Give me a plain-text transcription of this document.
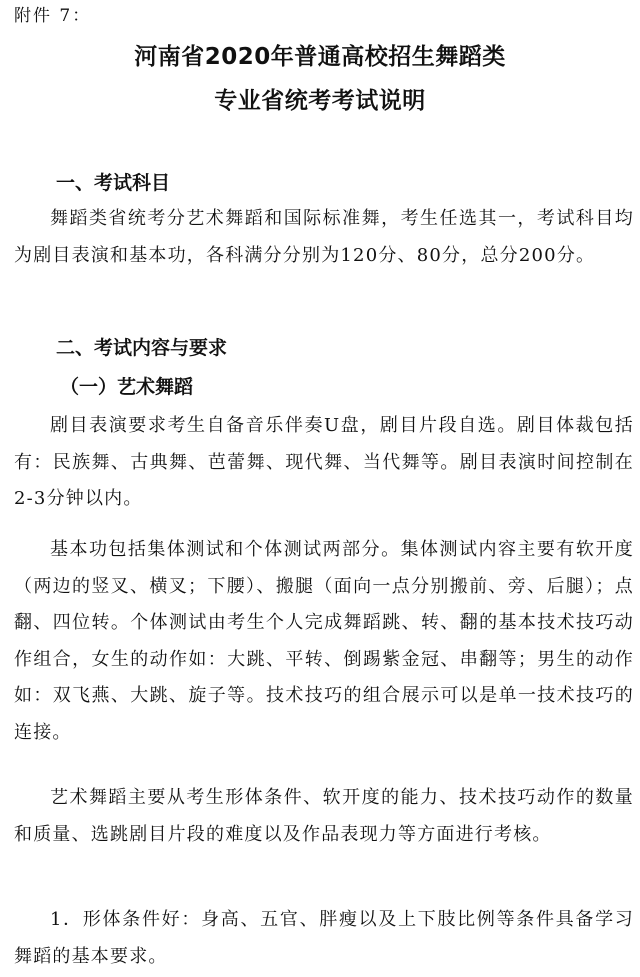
附件 7：
河南省2020年普通高校招生舞蹈类
专业省统考考试说明
一、考试科目
舞蹈类省统考分艺术舞蹈和国际标准舞，考生任选其一，考试科目均为剧目表演和基本功，各科满分分别为120分、80分，总分200分。
二、考试内容与要求
（一）艺术舞蹈
剧目表演要求考生自备音乐伴奏U盘，剧目片段自选。剧目体裁包括有：民族舞、古典舞、芭蕾舞、现代舞、当代舞等。剧目表演时间控制在2-3分钟以内。
基本功包括集体测试和个体测试两部分。集体测试内容主要有软开度（两边的竖叉、横叉；下腰）、搬腿（面向一点分别搬前、旁、后腿）；点翻、四位转。个体测试由考生个人完成舞蹈跳、转、翻的基本技术技巧动作组合，女生的动作如：大跳、平转、倒踢紫金冠、串翻等；男生的动作如：双飞燕、大跳、旋子等。技术技巧的组合展示可以是单一技术技巧的连接。
艺术舞蹈主要从考生形体条件、软开度的能力、技术技巧动作的数量和质量、选跳剧目片段的难度以及作品表现力等方面进行考核。
1．形体条件好：身高、五官、胖瘦以及上下肢比例等条件具备学习舞蹈的基本要求。
